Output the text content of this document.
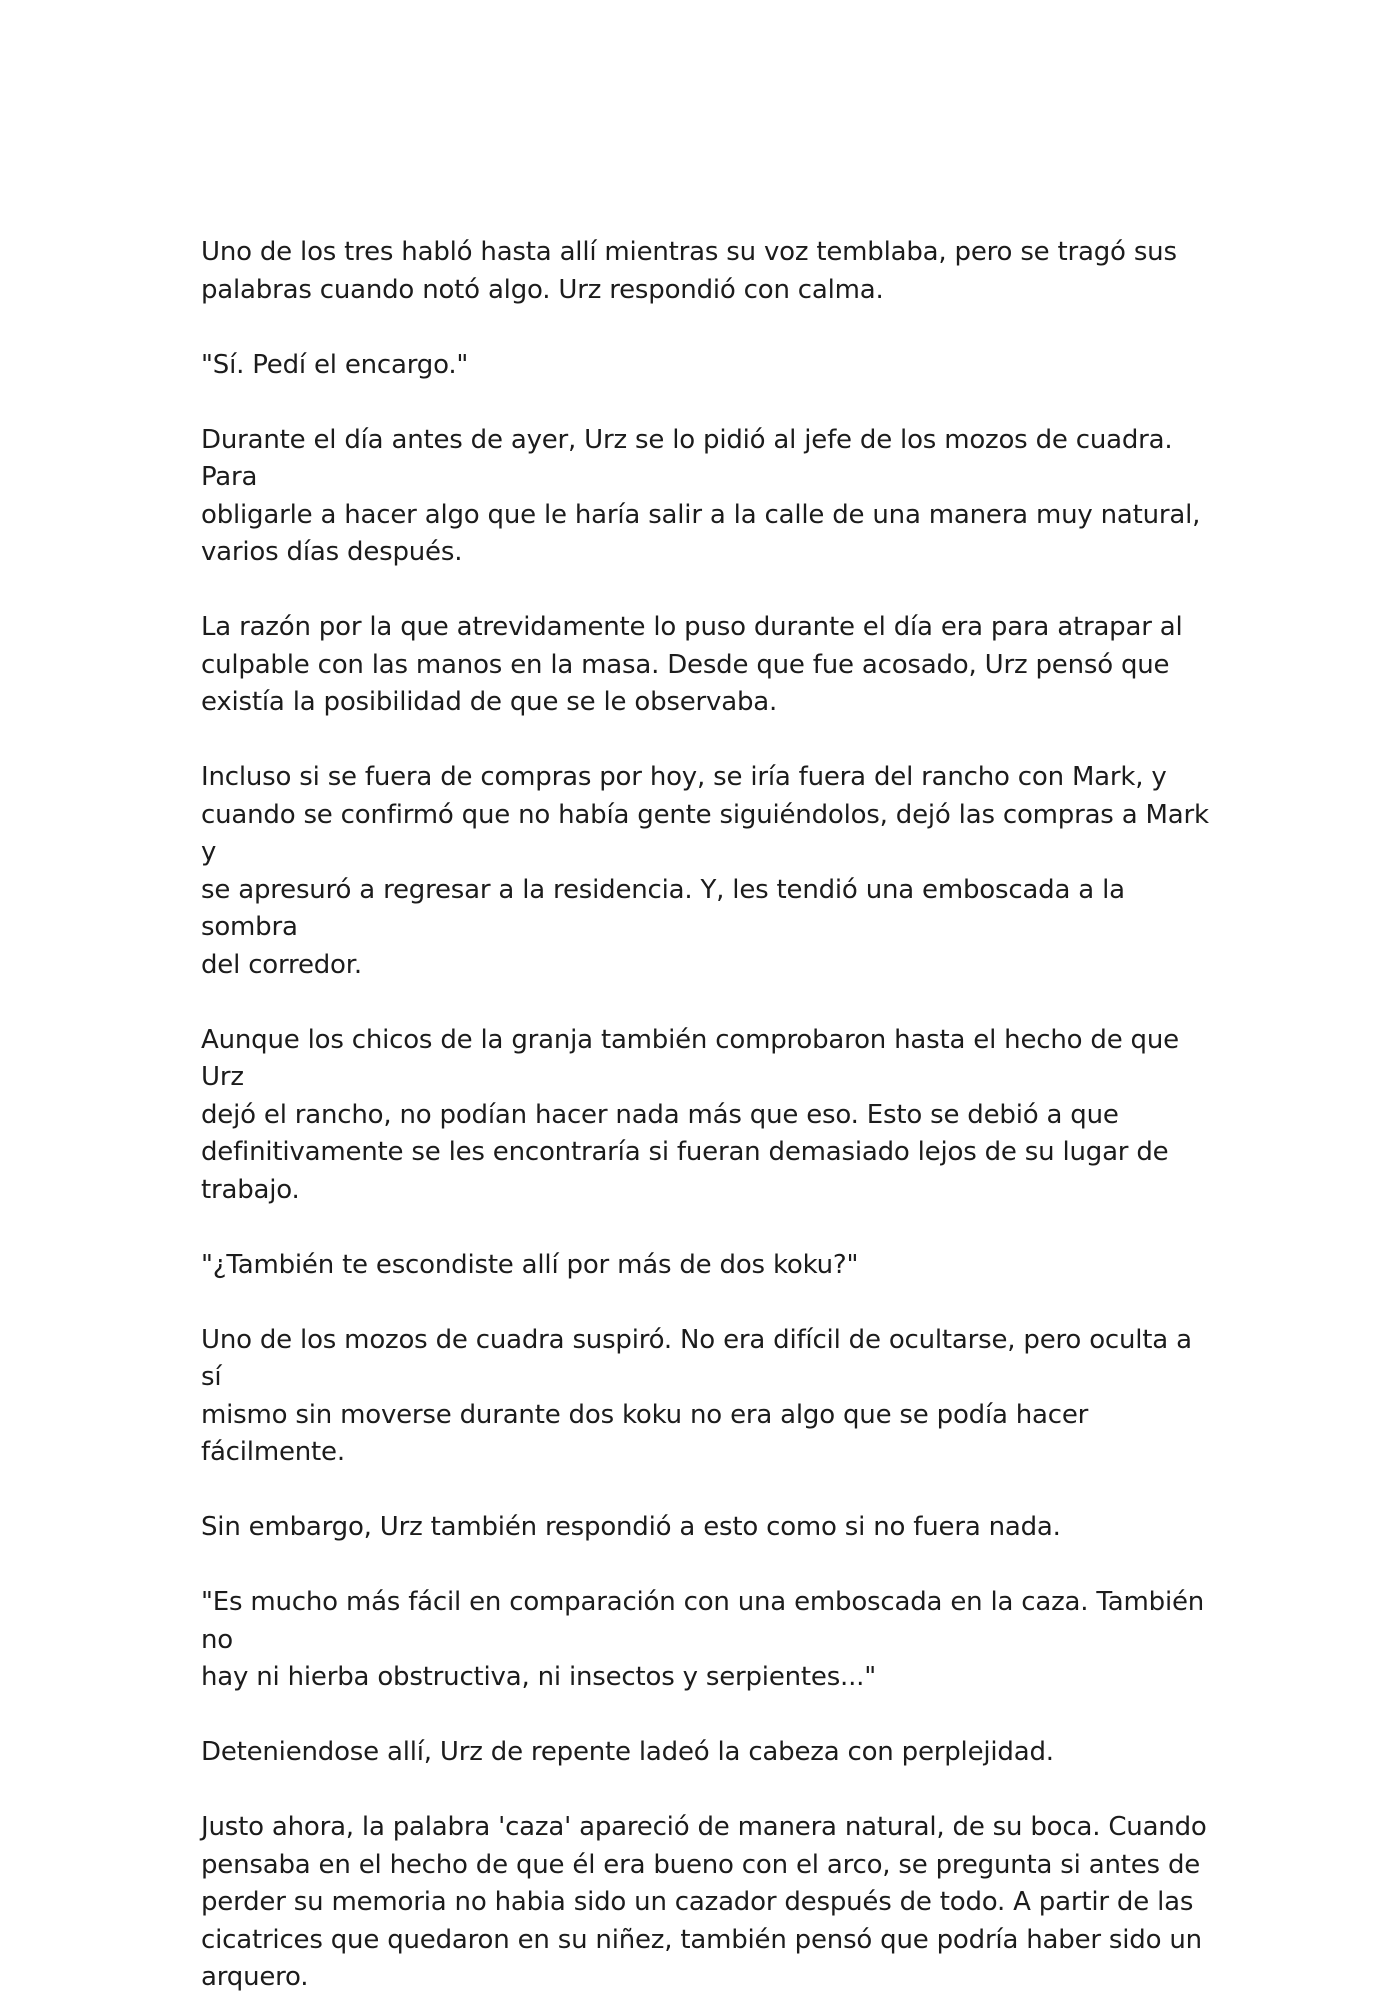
Uno de los tres habló hasta allí mientras su voz temblaba, pero se tragó sus
palabras cuando notó algo. Urz respondió con calma.

"Sí. Pedí el encargo."

Durante el día antes de ayer, Urz se lo pidió al jefe de los mozos de cuadra. Para
obligarle a hacer algo que le haría salir a la calle de una manera muy natural,
varios días después.

La razón por la que atrevidamente lo puso durante el día era para atrapar al
culpable con las manos en la masa. Desde que fue acosado, Urz pensó que
existía la posibilidad de que se le observaba.

Incluso si se fuera de compras por hoy, se iría fuera del rancho con Mark, y
cuando se confirmó que no había gente siguiéndolos, dejó las compras a Mark y
se apresuró a regresar a la residencia. Y, les tendió una emboscada a la sombra
del corredor.

Aunque los chicos de la granja también comprobaron hasta el hecho de que Urz
dejó el rancho, no podían hacer nada más que eso. Esto se debió a que
definitivamente se les encontraría si fueran demasiado lejos de su lugar de
trabajo.

"¿También te escondiste allí por más de dos koku?"

Uno de los mozos de cuadra suspiró. No era difícil de ocultarse, pero oculta a sí
mismo sin moverse durante dos koku no era algo que se podía hacer fácilmente.

Sin embargo, Urz también respondió a esto como si no fuera nada.

"Es mucho más fácil en comparación con una emboscada en la caza. También no
hay ni hierba obstructiva, ni insectos y serpientes..."

Deteniendose allí, Urz de repente ladeó la cabeza con perplejidad.

Justo ahora, la palabra 'caza' apareció de manera natural, de su boca. Cuando
pensaba en el hecho de que él era bueno con el arco, se pregunta si antes de
perder su memoria no habia sido un cazador después de todo. A partir de las
cicatrices que quedaron en su niñez, también pensó que podría haber sido un
arquero.
